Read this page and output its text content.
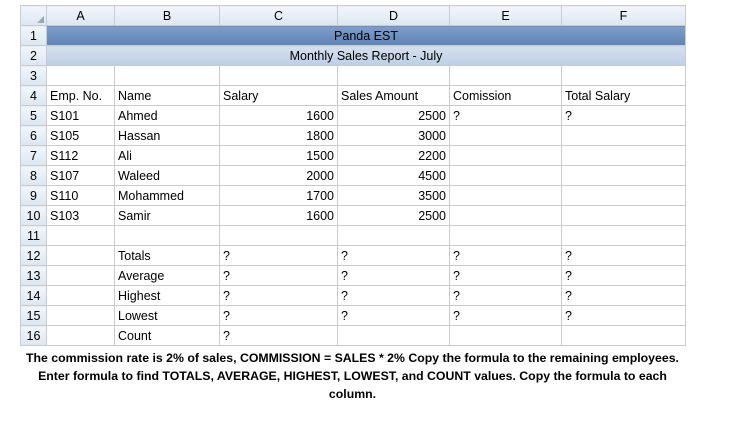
	A	B	C	D	E	F
1	Panda EST					
2	Monthly Sales Report - July					
3						
4	Emp. No.	Name	Salary	Sales Amount	Comission	Total Salary
5	S101	Ahmed	1600	2500	?	?
6	S105	Hassan	1800	3000		
7	S112	Ali	1500	2200		
8	S107	Waleed	2000	4500		
9	S110	Mohammed	1700	3500		
10	S103	Samir	1600	2500		
11						
12		Totals	?	?	?	?
13		Average	?	?	?	?
14		Highest	?	?	?	?
15		Lowest	?	?	?	?
16		Count	?			
The commission rate is 2% of sales, COMMISSION = SALES * 2% Copy the formula to the remaining employees.
Enter formula to find TOTALS, AVERAGE, HIGHEST, LOWEST, and COUNT values. Copy the formula to each column.
